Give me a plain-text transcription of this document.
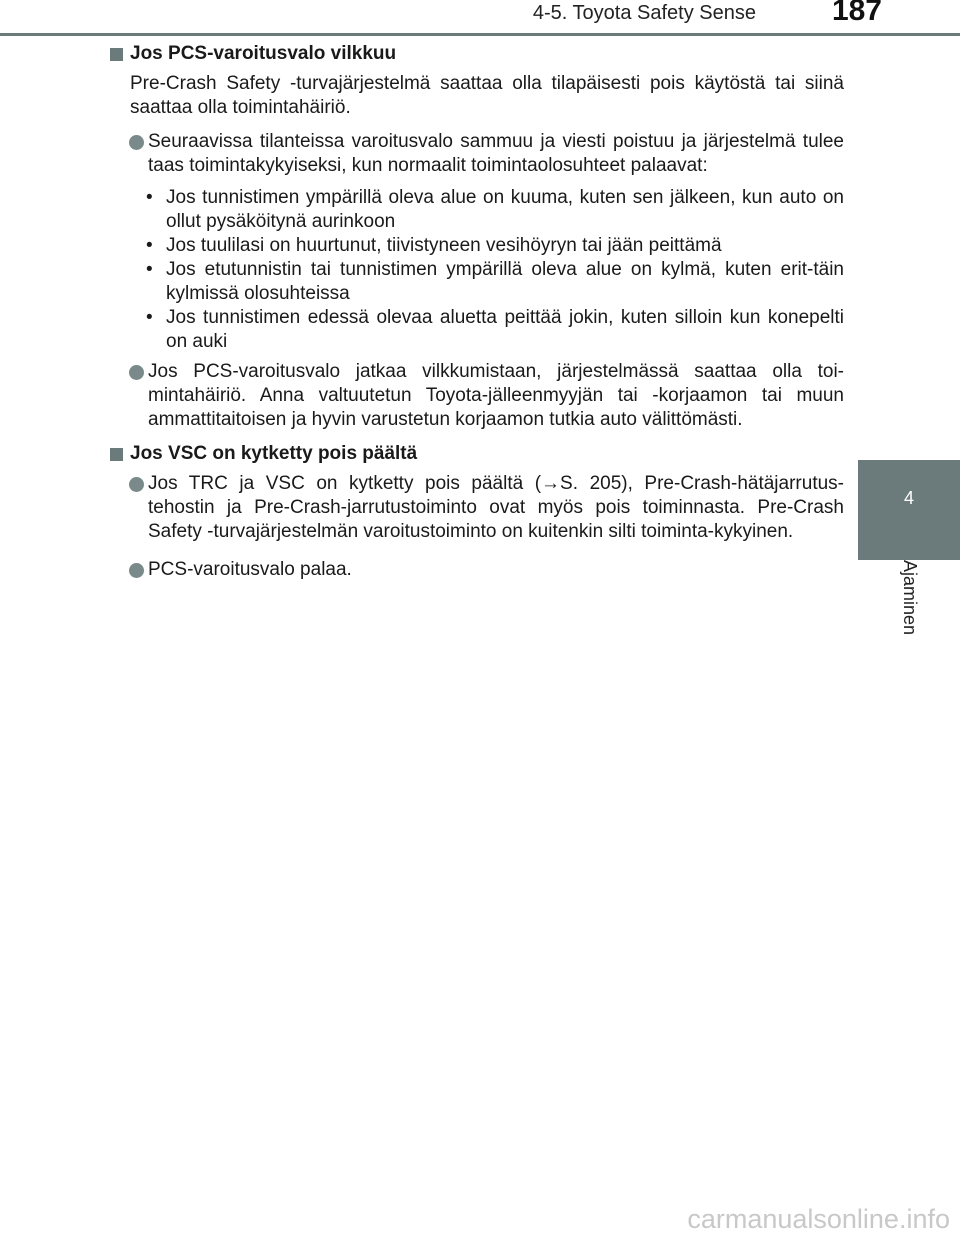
4-5. Toyota Safety Sense	187
4
Ajaminen
Jos PCS-varoitusvalo vilkkuu

Pre-Crash Safety -turvajärjestelmä saattaa olla tilapäisesti pois käytöstä tai siinä saattaa olla toimintahäiriö.

Seuraavissa tilanteissa varoitusvalo sammuu ja viesti poistuu ja järjestelmä tulee taas toimintakykyiseksi, kun normaalit toimintaolosuhteet palaavat:
• Jos tunnistimen ympärillä oleva alue on kuuma, kuten sen jälkeen, kun auto on ollut pysäköitynä aurinkoon
• Jos tuulilasi on huurtunut, tiivistyneen vesihöyryn tai jään peittämä
• Jos etutunnistin tai tunnistimen ympärillä oleva alue on kylmä, kuten erit-täin kylmissä olosuhteissa
• Jos tunnistimen edessä olevaa aluetta peittää jokin, kuten silloin kun konepelti on auki
Jos PCS-varoitusvalo jatkaa vilkkumistaan, järjestelmässä saattaa olla toi-mintahäiriö. Anna valtuutetun Toyota-jälleenmyyjän tai -korjaamon tai muun ammattitaitoisen ja hyvin varustetun korjaamon tutkia auto välittömästi.
Jos VSC on kytketty pois päältä
Jos TRC ja VSC on kytketty pois päältä (→S. 205), Pre-Crash-hätäjarrutus-tehostin ja Pre-Crash-jarrutustoiminto ovat myös pois toiminnasta. Pre-Crash Safety -turvajärjestelmän varoitustoiminto on kuitenkin silti toiminta-kykyinen.
PCS-varoitusvalo palaa.
carmanualsonline.info
